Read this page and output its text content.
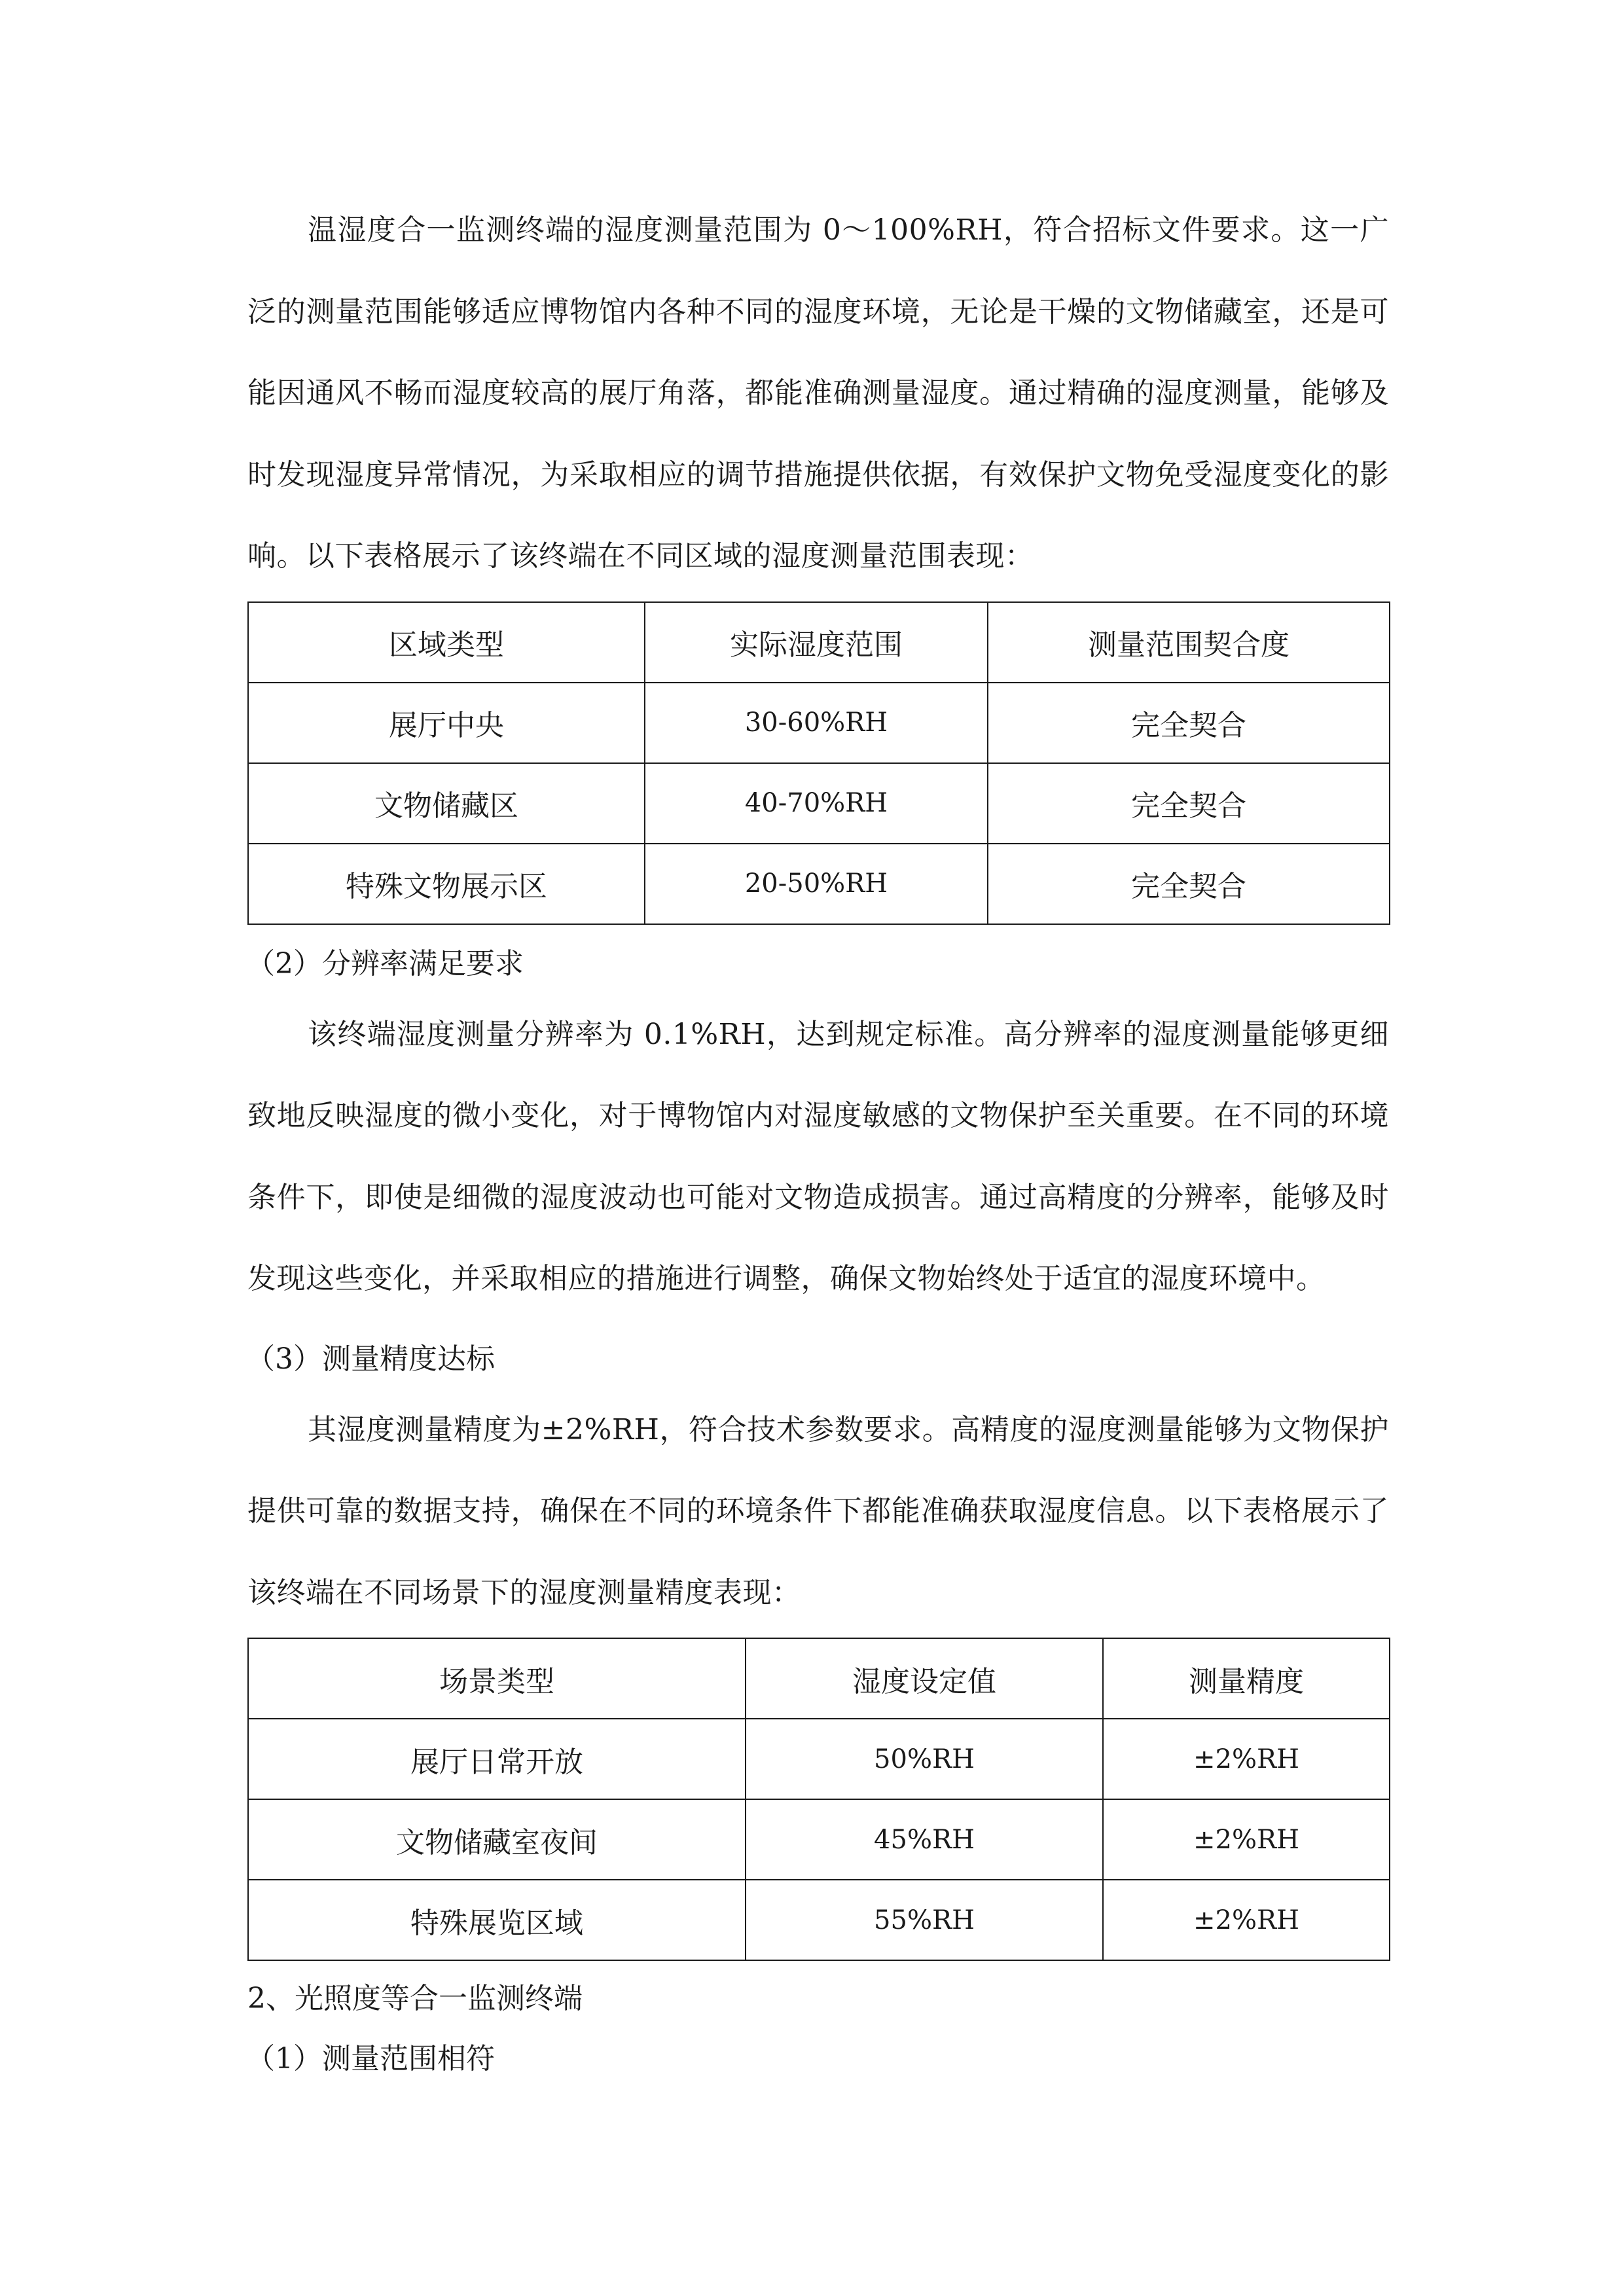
温湿度合一监测终端的湿度测量范围为 0～100%RH，符合招标文件要求。这一广泛的测量范围能够适应博物馆内各种不同的湿度环境，无论是干燥的文物储藏室，还是可能因通风不畅而湿度较高的展厅角落，都能准确测量湿度。通过精确的湿度测量，能够及时发现湿度异常情况，为采取相应的调节措施提供依据，有效保护文物免受湿度变化的影响。以下表格展示了该终端在不同区域的湿度测量范围表现：

区域类型	实际湿度范围	测量范围契合度
展厅中央	30-60%RH	完全契合
文物储藏区	40-70%RH	完全契合
特殊文物展示区	20-50%RH	完全契合

（2）分辨率满足要求

该终端湿度测量分辨率为 0.1%RH，达到规定标准。高分辨率的湿度测量能够更细致地反映湿度的微小变化，对于博物馆内对湿度敏感的文物保护至关重要。在不同的环境条件下，即使是细微的湿度波动也可能对文物造成损害。通过高精度的分辨率，能够及时发现这些变化，并采取相应的措施进行调整，确保文物始终处于适宜的湿度环境中。

（3）测量精度达标

其湿度测量精度为±2%RH，符合技术参数要求。高精度的湿度测量能够为文物保护提供可靠的数据支持，确保在不同的环境条件下都能准确获取湿度信息。以下表格展示了该终端在不同场景下的湿度测量精度表现：

场景类型	湿度设定值	测量精度
展厅日常开放	50%RH	±2%RH
文物储藏室夜间	45%RH	±2%RH
特殊展览区域	55%RH	±2%RH

2、光照度等合一监测终端

（1）测量范围相符
